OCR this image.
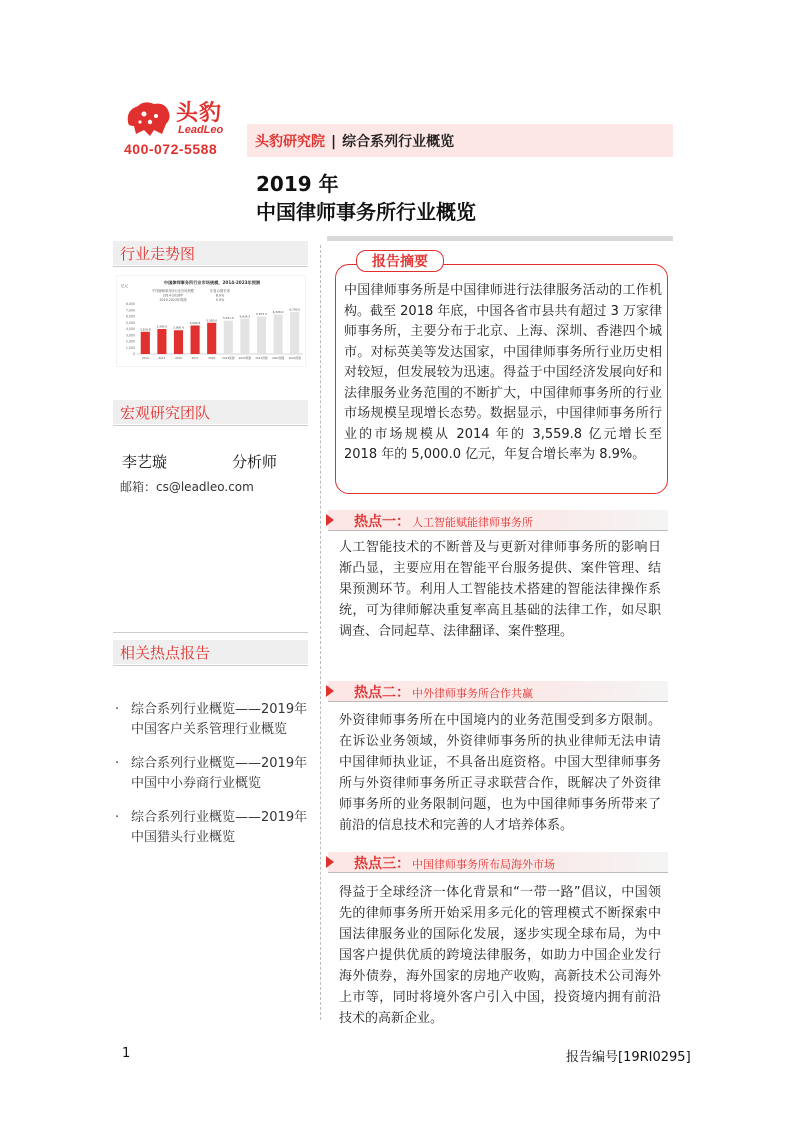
头豹
LeadLeo
400-072-5588	头豹研究院 | 综合系列行业概览
2019 年
中国律师事务所行业概览
行业走势图
中国律师事务所行业市场规模，2014-2023年预测
亿元
中国律师事务所行业市场规模
2014-2018年
年复合增长率
8.9%
2019-2023年预测	5.9%
8,000
7,000
6,000
5,000
4,000
3,000
2,000
1,000
0
3,559.8
3,995.0 3,800.4
4,562.5
5,000.0
5,321.0 5,634.5
5,973.3
6,328.0
6,700.0
2014	2015	2016	2017	2018	2019预测 2020预测 2021预测 2022预测 2023预测
宏观研究团队
李艺璇	分析师
邮箱：cs@leadleo.com
相关热点报告
· 综合系列行业概览——2019年中国客户关系管理行业概览
· 综合系列行业概览——2019年中国中小券商行业概览
· 综合系列行业概览——2019年中国猎头行业概览
报告摘要
中国律师事务所是中国律师进行法律服务活动的工作机构。截至 2018 年底，中国各省市县共有超过 3 万家律师事务所，主要分布于北京、上海、深圳、香港四个城市。对标英美等发达国家，中国律师事务所行业历史相对较短，但发展较为迅速。得益于中国经济发展向好和法律服务业务范围的不断扩大，中国律师事务所的行业市场规模呈现增长态势。数据显示，中国律师事务所行业的市场规模从 2014 年的 3,559.8 亿元增长至 2018 年的 5,000.0 亿元，年复合增长率为 8.9%。
热点一： 人工智能赋能律师事务所
人工智能技术的不断普及与更新对律师事务所的影响日渐凸显，主要应用在智能平台服务提供、案件管理、结果预测环节。利用人工智能技术搭建的智能法律操作系统，可为律师解决重复率高且基础的法律工作，如尽职调查、合同起草、法律翻译、案件整理。
热点二： 中外律师事务所合作共赢
外资律师事务所在中国境内的业务范围受到多方限制。在诉讼业务领域，外资律师事务所的执业律师无法申请中国律师执业证，不具备出庭资格。中国大型律师事务所与外资律师事务所正寻求联营合作，既解决了外资律师事务所的业务限制问题，也为中国律师事务所带来了前沿的信息技术和完善的人才培养体系。
热点三： 中国律师事务所布局海外市场
得益于全球经济一体化背景和“一带一路”倡议，中国领先的律师事务所开始采用多元化的管理模式不断探索中国法律服务业的国际化发展，逐步实现全球布局，为中国客户提供优质的跨境法律服务，如助力中国企业发行海外债券，海外国家的房地产收购，高新技术公司海外上市等，同时将境外客户引入中国，投资境内拥有前沿技术的高新企业。
1	报告编号[19RI0295]
